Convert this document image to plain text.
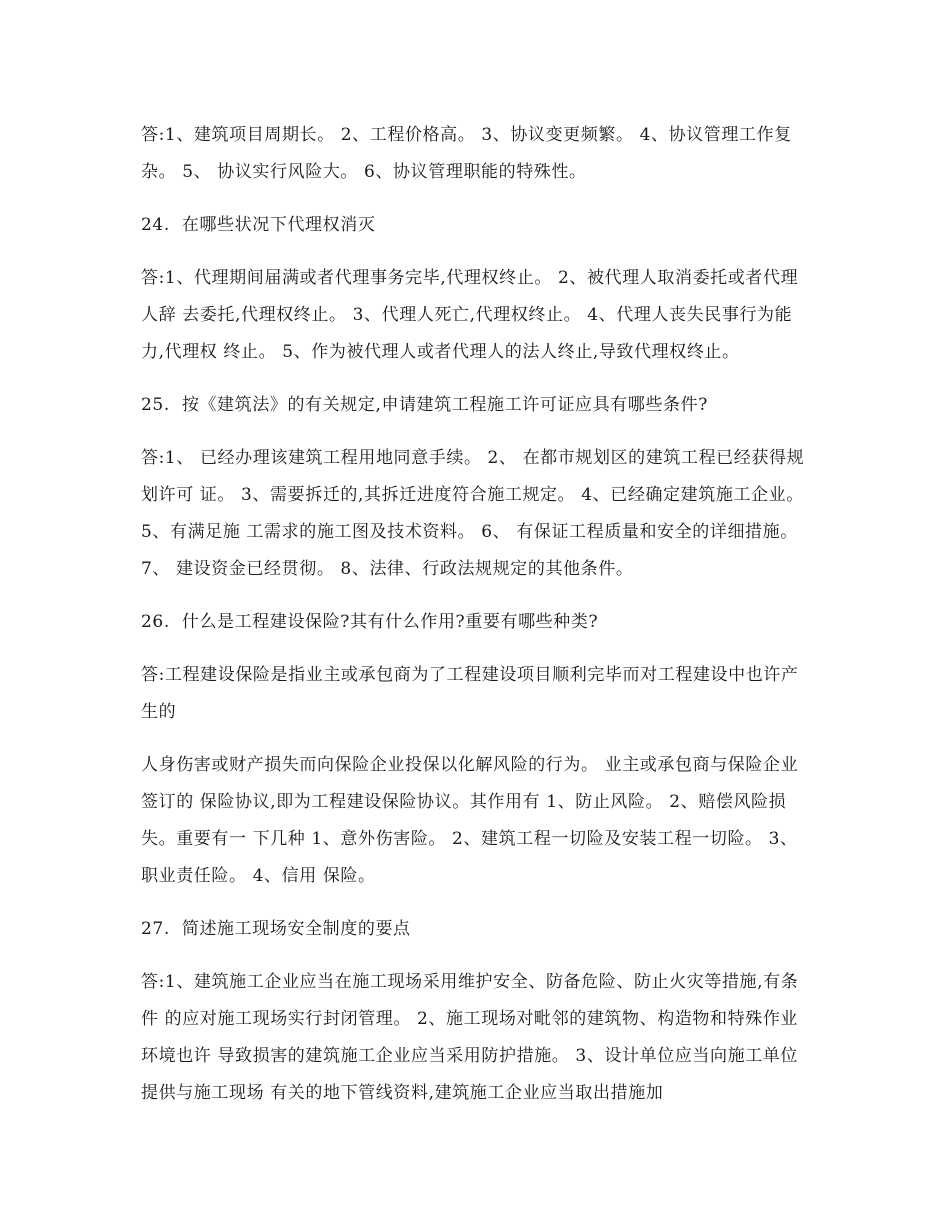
答:1、建筑项目周期长。 2、工程价格高。 3、协议变更频繁。 4、协议管理工作复杂。 5、 协议实行风险大。 6、协议管理职能的特殊性。

24.  在哪些状况下代理权消灭

答:1、代理期间届满或者代理事务完毕,代理权终止。 2、被代理人取消委托或者代理人辞 去委托,代理权终止。 3、代理人死亡,代理权终止。 4、代理人丧失民事行为能力,代理权 终止。 5、作为被代理人或者代理人的法人终止,导致代理权终止。

25.  按《建筑法》的有关规定,申请建筑工程施工许可证应具有哪些条件?

答:1、 已经办理该建筑工程用地同意手续。 2、 在都市规划区的建筑工程已经获得规划许可 证。 3、需要拆迁的,其拆迁进度符合施工规定。 4、已经确定建筑施工企业。 5、有满足施 工需求的施工图及技术资料。 6、 有保证工程质量和安全的详细措施。 7、 建设资金已经贯彻。 8、法律、行政法规规定的其他条件。

26.  什么是工程建设保险?其有什么作用?重要有哪些种类?

答:工程建设保险是指业主或承包商为了工程建设项目顺利完毕而对工程建设中也许产生的

人身伤害或财产损失而向保险企业投保以化解风险的行为。 业主或承包商与保险企业签订的 保险协议,即为工程建设保险协议。其作用有 1、防止风险。 2、赔偿风险损失。重要有一 下几种 1、意外伤害险。 2、建筑工程一切险及安装工程一切险。 3、职业责任险。 4、信用 保险。

27.  简述施工现场安全制度的要点

答:1、建筑施工企业应当在施工现场采用维护安全、防备危险、防止火灾等措施,有条件 的应对施工现场实行封闭管理。 2、施工现场对毗邻的建筑物、构造物和特殊作业环境也许 导致损害的建筑施工企业应当采用防护措施。 3、设计单位应当向施工单位提供与施工现场 有关的地下管线资料,建筑施工企业应当取出措施加
